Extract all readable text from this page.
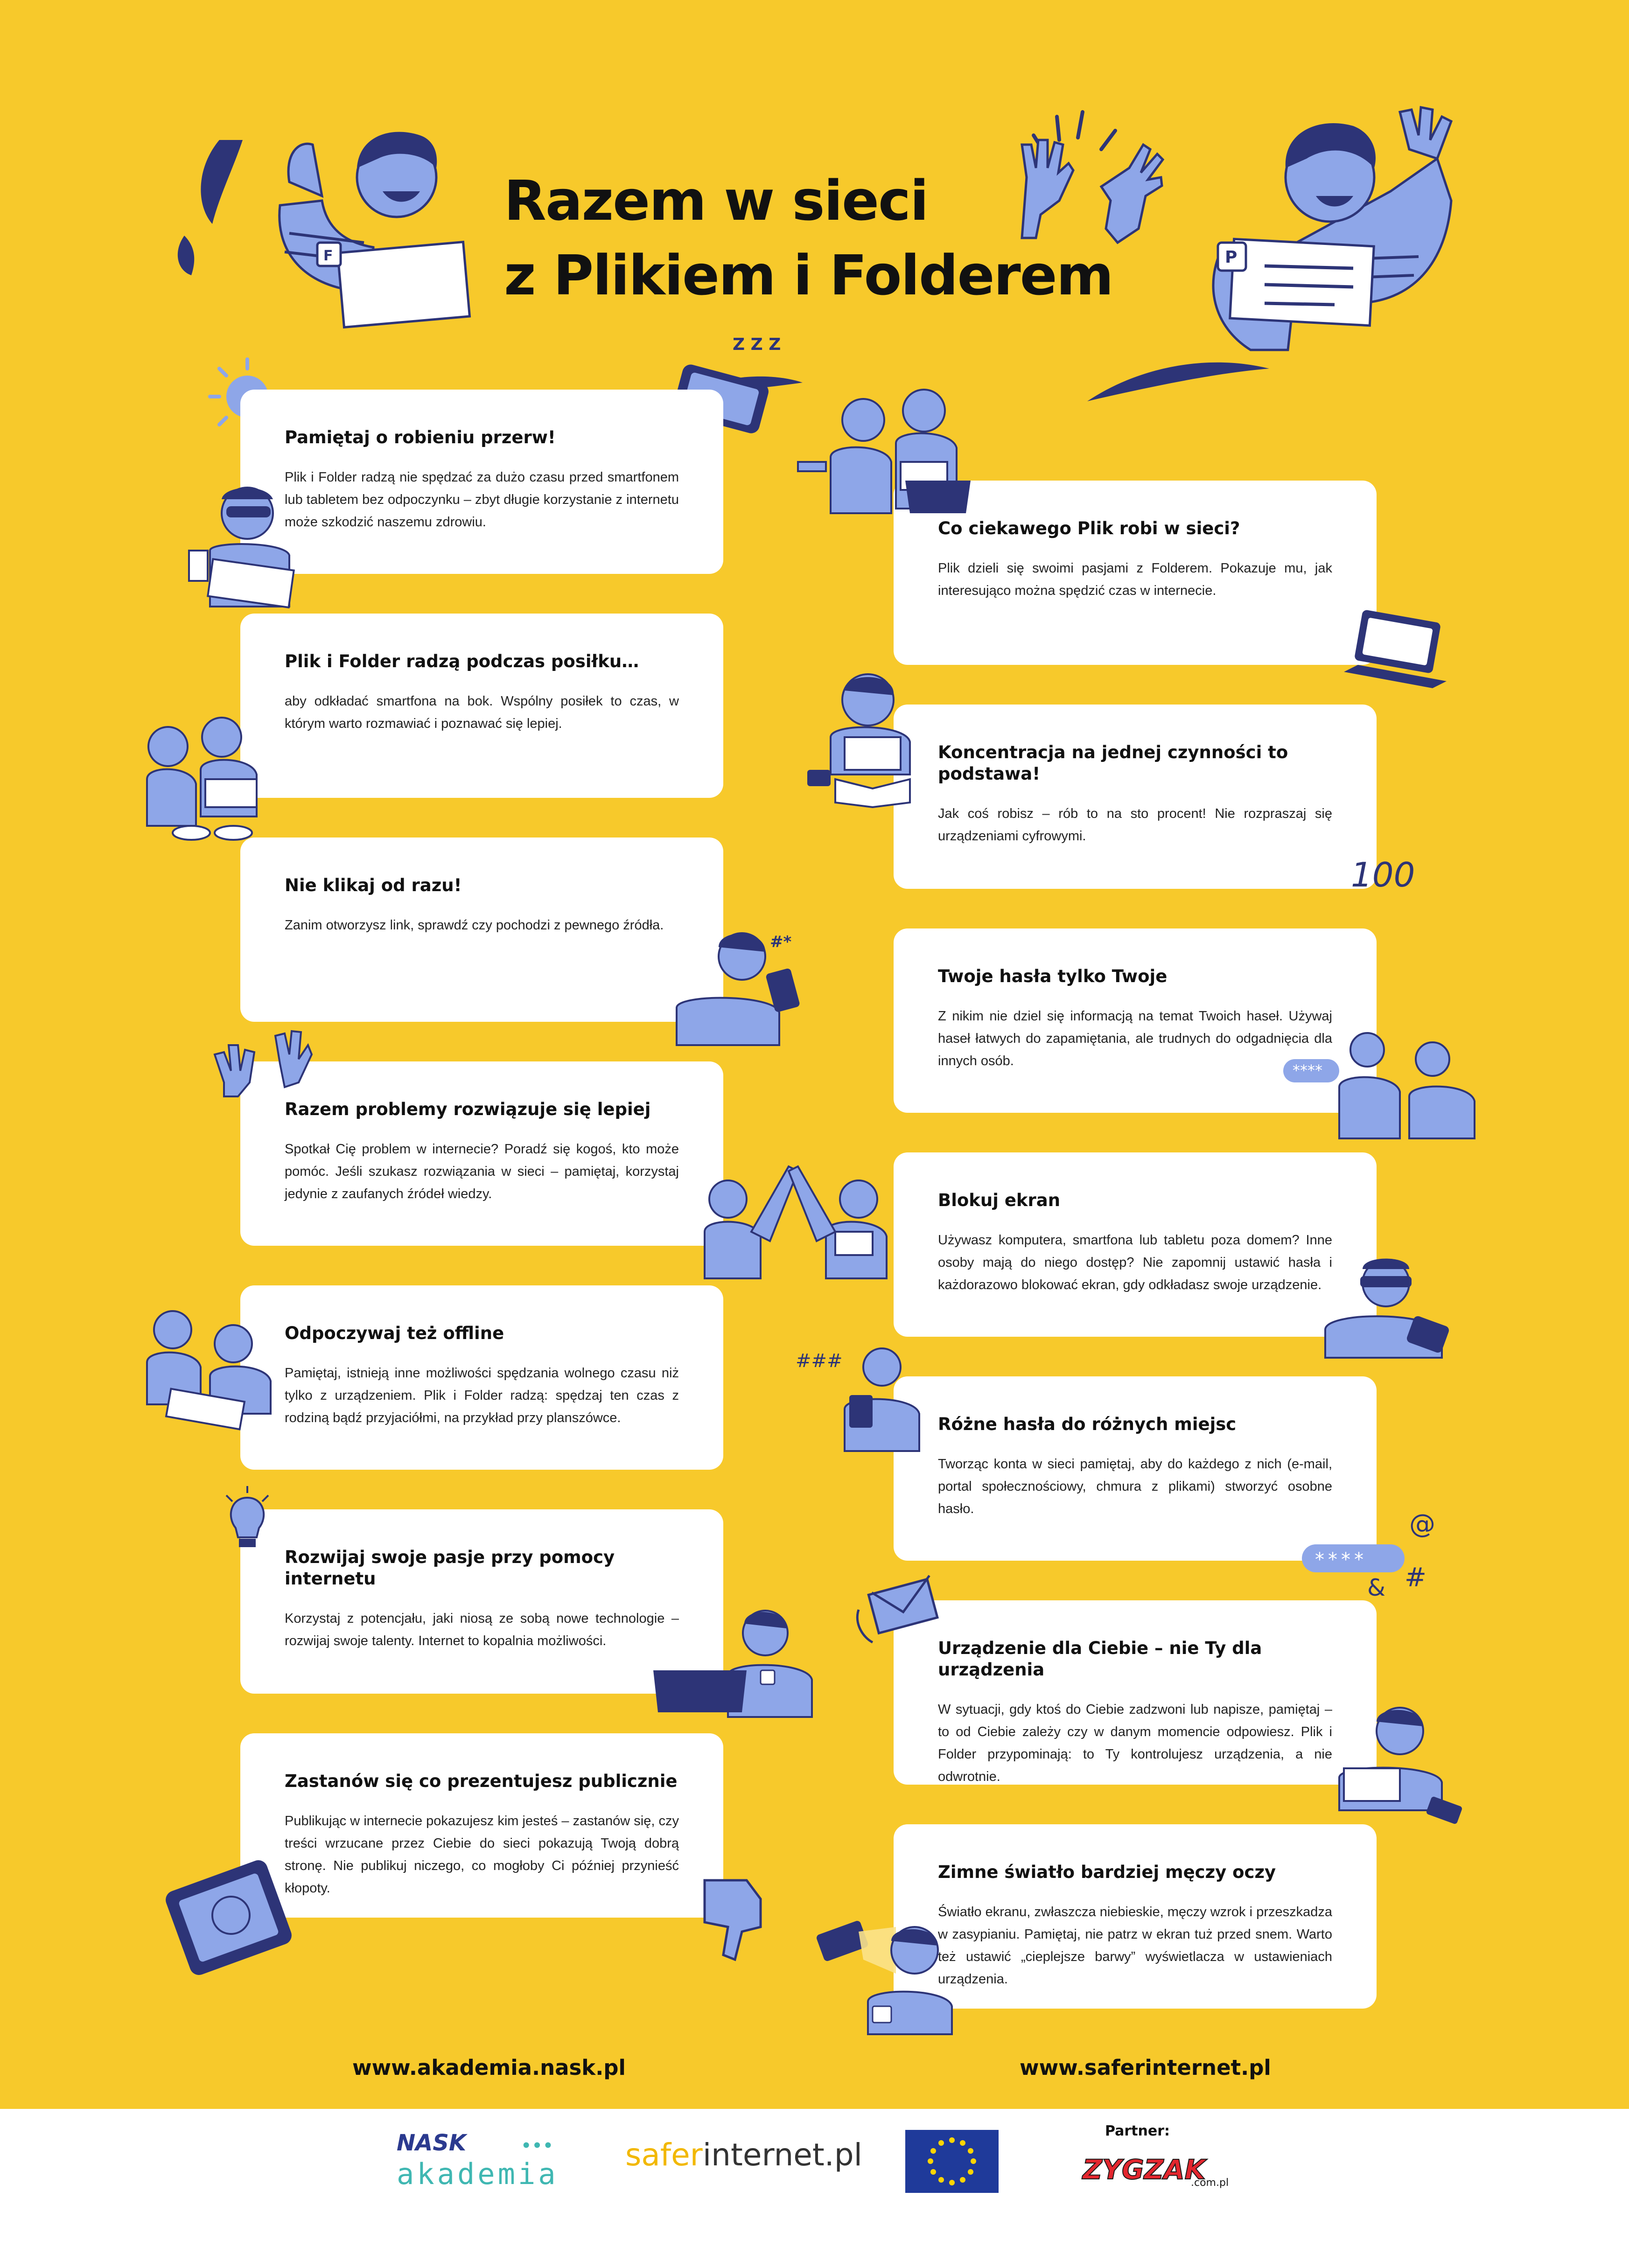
F
Razem w sieci
z Plikiem i Folderem	P
Z Z Z
Pamiętaj o robieniu przerw!

Plik i Folder radzą nie spędzać za dużo czasu przed smartfonem lub tabletem bez odpoczynku – zbyt długie korzystanie z internetu może szkodzić naszemu zdrowiu.

Plik i Folder radzą podczas posiłku…

aby odkładać smartfona na bok. Wspólny posiłek to czas, w którym warto rozmawiać i poznawać się lepiej.

Nie klikaj od razu!

Zanim otworzysz link, sprawdź czy pochodzi z pewnego źródła.

Razem problemy rozwiązuje się lepiej

Spotkał Cię problem w internecie? Poradź się kogoś, kto może pomóc. Jeśli szukasz rozwiązania w sieci – pamiętaj, korzystaj jedynie z zaufanych źródeł wiedzy.

Odpoczywaj też offline

Pamiętaj, istnieją inne możliwości spędzania wolnego czasu niż tylko z urządzeniem. Plik i Folder radzą: spędzaj ten czas z rodziną bądź przyjaciółmi, na przykład przy planszówce.

Rozwijaj swoje pasje przy pomocy internetu

Korzystaj z potencjału, jaki niosą ze sobą nowe technologie – rozwijaj swoje talenty. Internet to kopalnia możliwości.

Zastanów się co prezentujesz publicznie

Publikując w internecie pokazujesz kim jesteś – zastanów się, czy treści wrzucane przez Ciebie do sieci pokazują Twoją dobrą stronę. Nie publikuj niczego, co mogłoby Ci później przynieść kłopoty.

Co ciekawego Plik robi w sieci?

Plik dzieli się swoimi pasjami z Folderem. Pokazuje mu, jak interesująco można spędzić czas w internecie.

Koncentracja na jednej czynności to podstawa!

Jak coś robisz – rób to na sto procent! Nie rozpraszaj się urządzeniami cyfrowymi.

Twoje hasła tylko Twoje

Z nikim nie dziel się informacją na temat Twoich haseł. Używaj haseł łatwych do zapamiętania, ale trudnych do odgadnięcia dla innych osób.

Blokuj ekran

Używasz komputera, smartfona lub tabletu poza domem? Inne osoby mają do niego dostęp? Nie zapomnij ustawić hasła i każdorazowo blokować ekran, gdy odkładasz swoje urządzenie.

Różne hasła do różnych miejsc

Tworząc konta w sieci pamiętaj, aby do każdego z nich (e-mail, portal społecznościowy, chmura z plikami) stworzyć osobne hasło.

Urządzenie dla Ciebie – nie Ty dla urządzenia

W sytuacji, gdy ktoś do Ciebie zadzwoni lub napisze, pamiętaj – to od Ciebie zależy czy w danym momencie odpowiesz. Plik i Folder przypominają: to Ty kontrolujesz urządzenia, a nie odwrotnie.

Zimne światło bardziej męczy oczy

Światło ekranu, zwłaszcza niebieskie, męczy wzrok i przeszkadza w zasypianiu. Pamiętaj, nie patrz w ekran tuż przed snem. Warto też ustawić „cieplejsze barwy” wyświetlacza w ustawieniach urządzenia.

100
#*
****
###
@
****
& #
www.akademia.nask.pl	www.saferinternet.pl
NASK	•••
akademia
saferinternet.pl
Partner:
ZYGZAK
.com.pl
